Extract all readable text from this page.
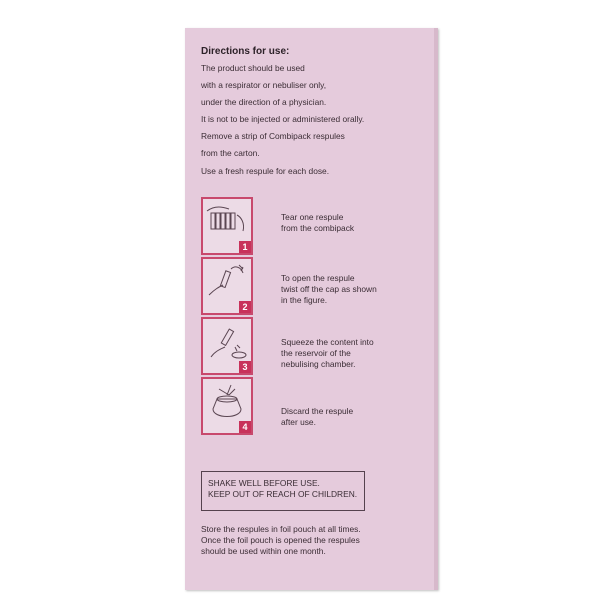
Directions for use:
The product should be used
with a respirator or nebuliser only,
under the direction of a physician.
It is not to be injected or administered orally.
Remove a strip of Combipack respules
from the carton.
Use a fresh respule for each dose.
1
Tear one respule
from the combipack
2
To open the respule
twist off the cap as shown
in the figure.
3
Squeeze the content into
the reservoir of the
nebulising chamber.
4
Discard the respule
after use.
SHAKE WELL BEFORE USE.
KEEP OUT OF REACH OF CHILDREN.
Store the respules in foil pouch at all times.
Once the foil pouch is opened the respules
should be used within one month.
